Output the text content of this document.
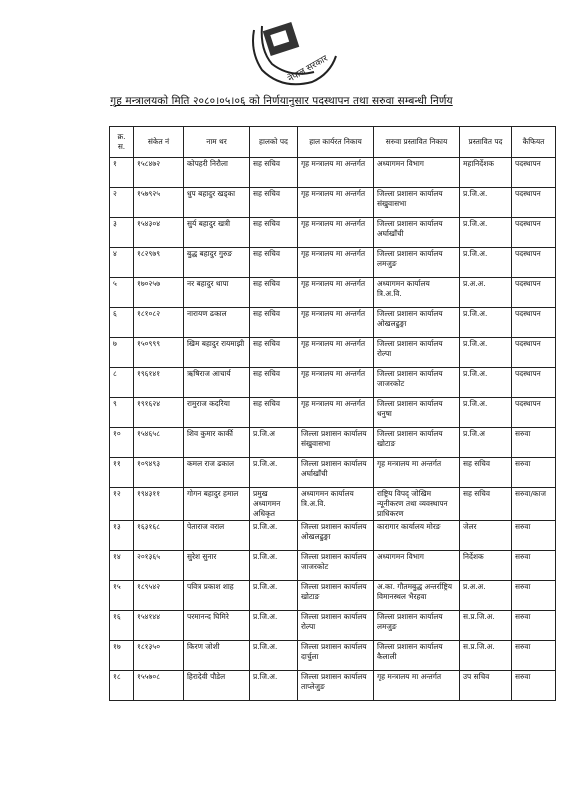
नेपाल सरकार
गृह मन्त्रालयको मिति २०८०।०५।०६ को निर्णयानुसार पदस्थापन तथा सरुवा सम्बन्धी निर्णय
क्र. स.	संकेत नं	नाम थर	हालको पद	हाल कार्यरत निकाय	सरुवा प्रस्तावित निकाय	प्रस्तावित पद	कैफियत
१	१५८४७२	कोपहरी निरौला	सह सचिव	गृह मन्त्रालय मा अन्तर्गत	अध्यागमन विभाग	महानिर्देशक	पदस्थापन
२	१५७९२५	धुप बहादुर खड्का	सह सचिव	गृह मन्त्रालय मा अन्तर्गत	जिल्ला प्रशासन कार्यालय संखुवासभा	प्र.जि.अ.	पदस्थापन
३	१५४३०४	सुर्य बहादुर खत्री	सह सचिव	गृह मन्त्रालय मा अन्तर्गत	जिल्ला प्रशासन कार्यालय अर्घाखाँची	प्र.जि.अ.	पदस्थापन
४	१८२९७९	बुद्ध बहादुर गुरुङ	सह सचिव	गृह मन्त्रालय मा अन्तर्गत	जिल्ला प्रशासन कार्यालय लमजुङ	प्र.जि.अ.	पदस्थापन
५	१७०२५७	नर बहादुर थापा	सह सचिव	गृह मन्त्रालय मा अन्तर्गत	अध्यागमन कार्यालय त्रि.अ.वि.	प्र.अ.अ.	पदस्थापन
६	१८१०८२	नारायण ढकाल	सह सचिव	गृह मन्त्रालय मा अन्तर्गत	जिल्ला प्रशासन कार्यालय ओखलढुङ्गा	प्र.जि.अ.	पदस्थापन
७	१५०९९९	खिम बहादुर रायमाझी	सह सचिव	गृह मन्त्रालय मा अन्तर्गत	जिल्ला प्रशासन कार्यालय रोल्पा	प्र.जि.अ.	पदस्थापन
८	१९६१४१	ऋषिराज आचार्य	सह सचिव	गृह मन्त्रालय मा अन्तर्गत	जिल्ला प्रशासन कार्यालय जाजरकोट	प्र.जि.अ.	पदस्थापन
९	१९१६२४	रामुराज कदरिया	सह सचिव	गृह मन्त्रालय मा अन्तर्गत	जिल्ला प्रशासन कार्यालय धनुषा	प्र.जि.अ.	पदस्थापन
१०	१५४६५८	शिव कुमार कार्की	प्र.जि.अ	जिल्ला प्रशासन कार्यालय संखुवासभा	जिल्ला प्रशासन कार्यालय खोटाङ	प्र.जि.अ	सरुवा
११	१०९४९३	कमल राज ढकाल	प्र.जि.अ.	जिल्ला प्रशासन कार्यालय अर्घाखाँची	गृह मन्त्रालय मा अन्तर्गत	सह सचिव	सरुवा
१२	१९४३११	गोगन बहादुर हमाल	प्रमुख अध्यागमन अधिकृत	अध्यागमन कार्यालय त्रि.अ.वि.	राष्ट्रिय विपद् जोखिम न्यूनीकरण तथा व्यवस्थापन प्राधिकरण	सह सचिव	सरुवा/काज
१३	१६३१६८	पेताराज वराल	प्र.जि.अ.	जिल्ला प्रशासन कार्यालय ओखलढुङ्गा	कारागार कार्यालय मोरङ	जेलर	सरुवा
१४	२०१३६५	सुरेश सुनार	प्र.जि.अ.	जिल्ला प्रशासन कार्यालय जाजरकोट	अध्यागमन विभाग	निर्देशक	सरुवा
१५	१८९५४२	पवित्र प्रकाश शाह	प्र.जि.अ.	जिल्ला प्रशासन कार्यालय खोटाङ	अ.का. गौतमबुद्ध अन्तर्राष्ट्रिय विमानस्थल भैरहवा	प्र.अ.अ.	सरुवा
१६	१५४१४४	परमानन्द घिमिरे	प्र.जि.अ.	जिल्ला प्रशासन कार्यालय रोल्पा	जिल्ला प्रशासन कार्यालय लमजुङ	स.प्र.जि.अ.	सरुवा
१७	१८१३५०	किरण जोशी	प्र.जि.अ.	जिल्ला प्रशासन कार्यालय दार्चुला	जिल्ला प्रशासन कार्यालय कैलाली	स.प्र.जि.अ.	सरुवा
१८	१५५७०८	हिरादेवी पौडेल	प्र.जि.अ.	जिल्ला प्रशासन कार्यालय ताप्लेजुङ	गृह मन्त्रालय मा अन्तर्गत	उप सचिव	सरुवा
